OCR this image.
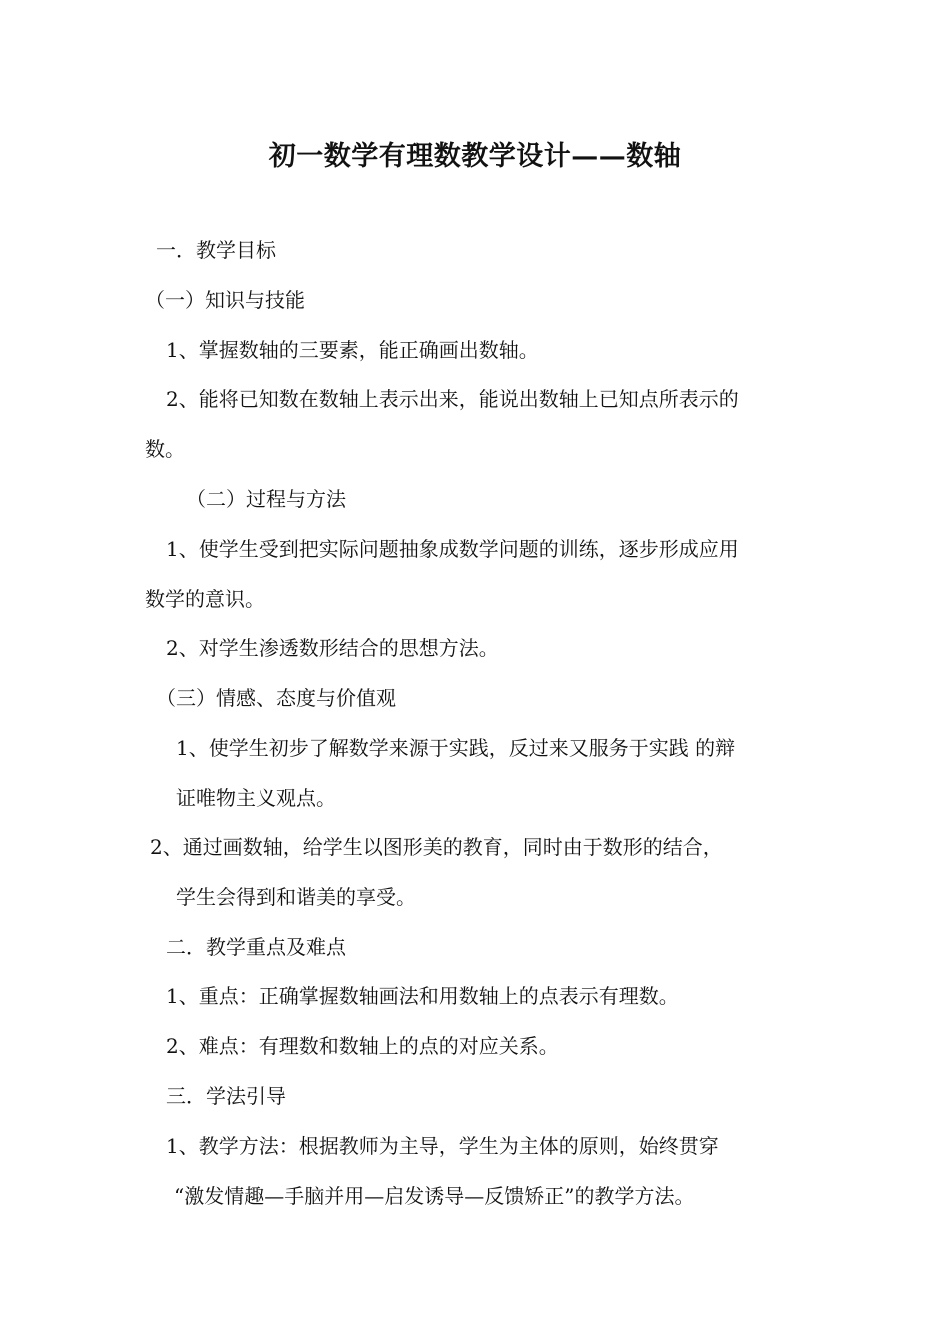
初一数学有理数教学设计——数轴
一．教学目标
（一）知识与技能
1、掌握数轴的三要素，能正确画出数轴。
2、能将已知数在数轴上表示出来，能说出数轴上已知点所表示的
数。
（二）过程与方法
1、使学生受到把实际问题抽象成数学问题的训练，逐步形成应用
数学的意识。
2、对学生渗透数形结合的思想方法。
（三）情感、态度与价值观
1、使学生初步了解数学来源于实践，反过来又服务于实践 的辩
证唯物主义观点。
2、通过画数轴，给学生以图形美的教育，同时由于数形的结合，
学生会得到和谐美的享受。
二．教学重点及难点
1、重点：正确掌握数轴画法和用数轴上的点表示有理数。
2、难点：有理数和数轴上的点的对应关系。
三．学法引导
1、教学方法：根据教师为主导，学生为主体的原则，始终贯穿
“激发情趣—手脑并用—启发诱导—反馈矫正”的教学方法。
